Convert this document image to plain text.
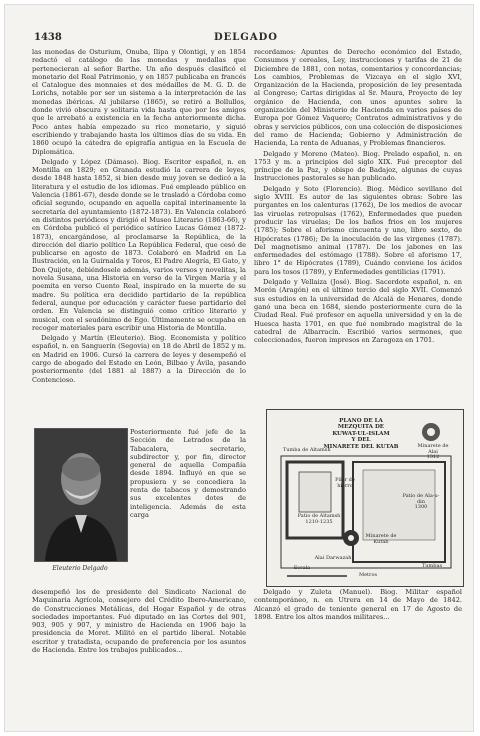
1438	DELGADO

las monedas de Osturium, Onuba, Ilipa y Olontigi, y en 1854 redactó el catálogo de las monedas y medallas que pertenecieran al señor Barthe. Un año después clasificó el monetario del Real Patrimonio, y en 1857 publicaba en francés el Catalogue des monnaies et des médailles de M. G. D. de Lorichs, notable por ser un sistema a la interpretación de las monedas ibéricas. Al jubilarse (1865), se retiró a Bollullos, donde vivió obscura y solitaria vida hasta que por los amigos que le arrebató a existencia en la fecha anteriormente dicha. Poco antes había empezado su rico monetario, y siguió escribiendo y trabajando hasta los últimos días de su vida. En 1860 ocupó la cátedra de epigrafía antigua en la Escuela de Diplomática.

Delgado y López (Dámaso). Biog. Escritor español, n. en Montilla en 1829; en Granada estudió la carrera de leyes, desde 1848 hasta 1852, si bien desde muy joven se dedicó a la literatura y el estudio de los idiomas. Fué empleado público en Valencia (1861-67), desde donde se le trasladó a Córdoba como oficial segundo, ocupando en aquella capital interinamente la secretaría del ayuntamiento (1872-1873). En Valencia colaboró en distintos periódicos y dirigió el Museo Literario (1863-66), y en Córdoba publicó el periódico satírico Lucas Gómez (1872-1873), encargándose, al proclamarse la República, de la dirección del diario político La República Federal, que cesó de publicarse en agosto de 1873. Colaboró en Madrid en La Ilustración, en la Guirnalda y Toros, El Padre Alegría, El Gato, y Don Quijote, debiéndosele además, varios versos y novelitas, la novela Susana, una Historia en verso de la Virgen María y el poemita en verso Cuento Real, inspirado en la muerte de su madre. Su política era decidido partidario de la república federal, aunque por educación y carácter fuese partidario del orden. En Valencia se distinguió como crítico literario y musical, con el seudónimo de Ego. Últimamente se ocupaba en recoger materiales para escribir una Historia de Montilla.

Delgado y Martín (Eleuterio). Biog. Economista y político español, n. en Sanguerín (Segovia) en 18 de Abril de 1852 y m. en Madrid en 1906. Cursó la carrera de leyes y desempeñó el cargo de abogado del Estado en León, Bilbao y Ávila, pasando posteriormente (del 1881 al 1887) a la Dirección de lo Contencioso.

Eleuterio Delgado

Posteriormente fué jefe de la Sección de Letrados de la Tabacalera, secretario, subdirector y, por fin, director general de aquella Compañía desde 1894. Influyó en que se propusiera y se concediera la renta de tabacos y demostrando sus excelentes dotes de inteligencia. Además de esta carga

desempeñó los de presidente del Sindicato Nacional de Maquinaria Agrícola, consejero del Crédito Ibero-Americano, de Construcciones Metálicas, del Hogar Español y de otras sociedades importantes. Fué diputado en las Cortes del 901, 903, 905 y 907, y ministro de Hacienda en 1906 bajo la presidencia de Moret. Militó en el partido liberal. Notable escritor y tratadista, ocupando de preferencia por los asuntos de Hacienda. Entre los trabajos publicados...

recordamos: Apuntes de Derecho económico del Estado, Consumos y cereales, Ley, instrucciones y tarifas de 21 de Diciembre de 1881, con notas, comentarios y concordancias; Los cambios, Problemas de Vizcaya en el siglo XVI, Organización de la Hacienda, proposición de ley presentada al Congreso; Cartas dirigidas al Sr. Maura, Proyecto de ley orgánico de Hacienda, con unos apuntes sobre la organización del Ministerio de Hacienda en varios países de Europa por Gómez Vaquero; Contratos administrativos y de obras y servicios públicos, con una colección de disposiciones del ramo de Hacienda; Gobierno y Administración de Hacienda, La renta de Aduanas, y Problemas financieros.

Delgado y Moreno (Mateo). Biog. Prelado español, n. en 1753 y m. a principios del siglo XIX. Fué preceptor del príncipe de la Paz, y obispo de Badajoz, algunas de cuyas Instrucciones pastorales se han publicado.

Delgado y Soto (Florencio). Biog. Médico sevillano del siglo XVIII. Es autor de las siguientes obras: Sobre las purgantes en los calenturas (1762), De los medios de avocar las viruelas retropulsas (1762), Enfermedades que pueden producir las viruelas; De los baños frios en los mujeres (1785); Sobre el aforismo cincuenta y uno, libro sexto, de Hipócrates (1786); De la inoculación de las virgenes (1787). Del magnetismo animal (1787). De los jabones en las enfermedades del estómago (1788). Sobre el aforismo 17, libro 1° de Hipócrates (1789), Cuándo conviene los ácidos para los tosos (1789), y Enfermedades gentilicias (1791).

Delgado y Vellaiza (José). Biog. Sacerdote español, n. en Morón (Aragón) en el último tercio del siglo XVII. Comenzó sus estudios en la universidad de Alcalá de Henares, donde ganó una beca en 1684, siendo posteriormente cura de la Ciudad Real. Fué profesor en aquella universidad y en la de Huesca hasta 1701, en que fué nombrado magistral de la catedral de Albarracín. Escribió varios sermones, que coleccionados, fueron impresos en Zaragoza en 1701.

PLANO DE LA
MEZQUITA DE
KUWAT-UL-ISLAM
Y DEL
MINARETE DEL KUTAB	Minarete de Alai
1312
Tumba de Altamsh
Pilar de hierro
Patio de Ala-u-din
1300
Patio de Altamsh
1210-1235
Minarete de Kutab
Alai Darwazah
Tumbas
Escala
Metros

Delgado y Zuleta (Manuel). Biog. Militar español contemporáneo, n. en Utrera en 14 de Mayo de 1842. Alcanzó el grado de teniente general en 17 de Agosto de 1898. Entre los altos mandos militares...
